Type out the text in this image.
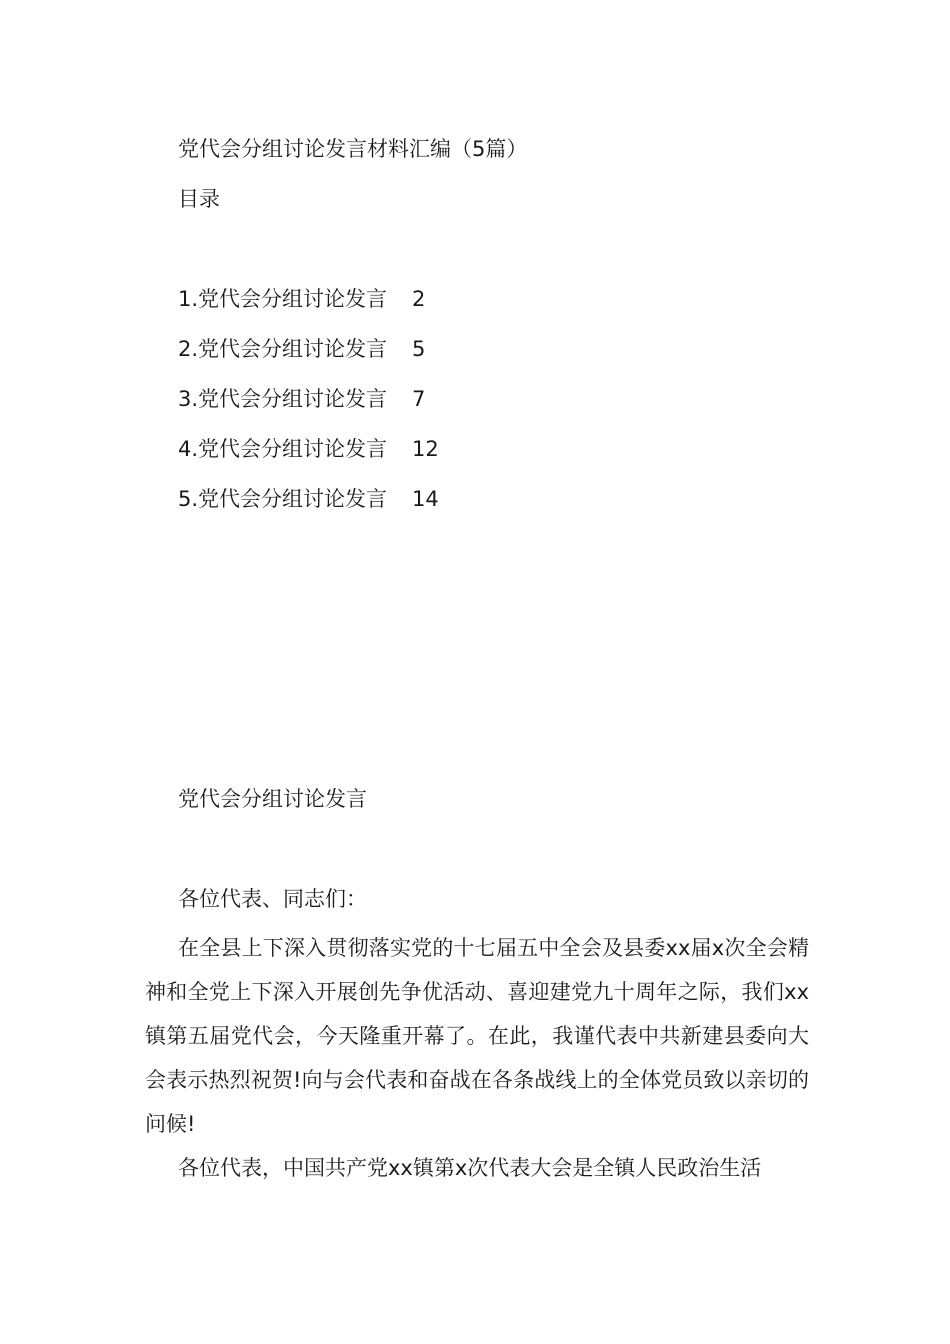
党代会分组讨论发言材料汇编（5篇）
目录
1.党代会分组讨论发言	2
2.党代会分组讨论发言	5
3.党代会分组讨论发言	7
4.党代会分组讨论发言	12
5.党代会分组讨论发言	14
党代会分组讨论发言
各位代表、同志们：

在全县上下深入贯彻落实党的十七届五中全会及县委xx届x次全会精神和全党上下深入开展创先争优活动、喜迎建党九十周年之际，我们xx镇第五届党代会，今天隆重开幕了。在此，我谨代表中共新建县委向大会表示热烈祝贺!向与会代表和奋战在各条战线上的全体党员致以亲切的问候!

各位代表，中国共产党xx镇第x次代表大会是全镇人民政治生活
